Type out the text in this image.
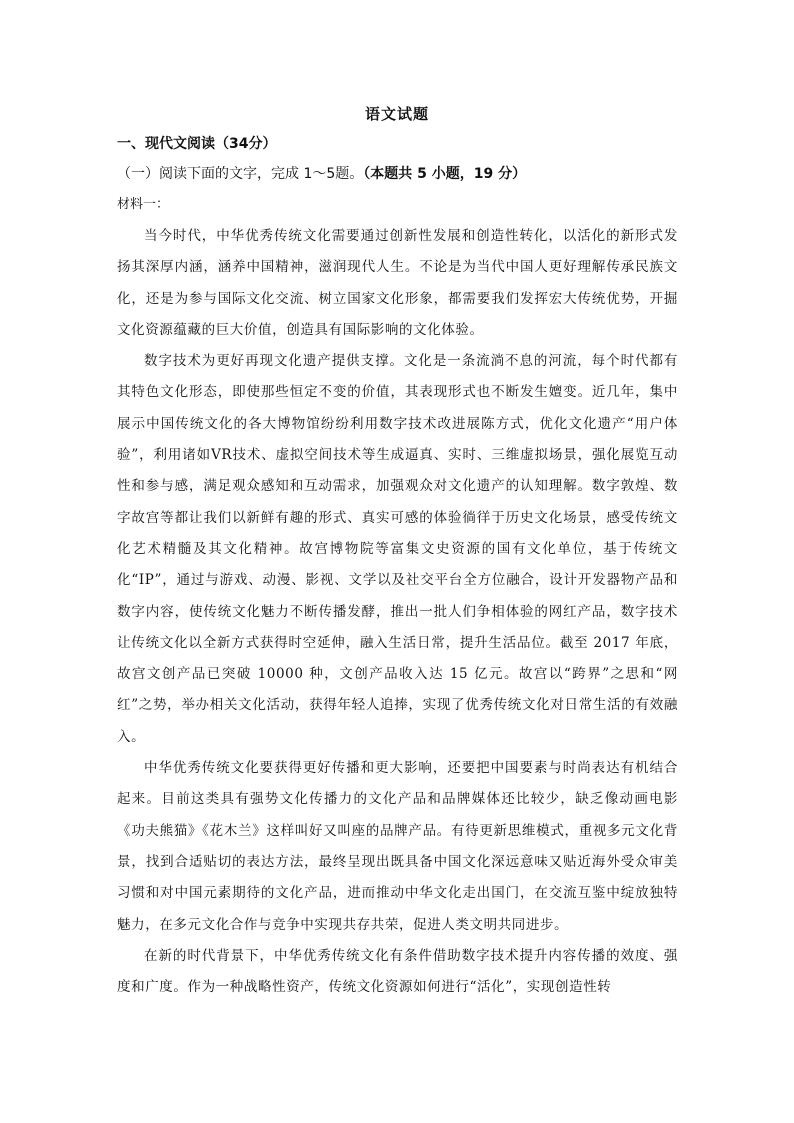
语文试题
一、现代文阅读（34分）
（一）阅读下面的文字，完成 1～5题。（本题共 5 小题，19 分）
材料一：

当今时代，中华优秀传统文化需要通过创新性发展和创造性转化，以活化的新形式发扬其深厚内涵，涵养中国精神，滋润现代人生。不论是为当代中国人更好理解传承民族文化，还是为参与国际文化交流、树立国家文化形象，都需要我们发挥宏大传统优势，开掘文化资源蕴藏的巨大价值，创造具有国际影响的文化体验。

数字技术为更好再现文化遗产提供支撑。文化是一条流淌不息的河流，每个时代都有其特色文化形态，即使那些恒定不变的价值，其表现形式也不断发生嬗变。近几年，集中展示中国传统文化的各大博物馆纷纷利用数字技术改进展陈方式，优化文化遗产“用户体验”，利用诸如VR技术、虚拟空间技术等生成逼真、实时、三维虚拟场景，强化展览互动性和参与感，满足观众感知和互动需求，加强观众对文化遗产的认知理解。数字敦煌、数字故宫等都让我们以新鲜有趣的形式、真实可感的体验徜徉于历史文化场景，感受传统文化艺术精髓及其文化精神。故宫博物院等富集文史资源的国有文化单位，基于传统文化“IP”，通过与游戏、动漫、影视、文学以及社交平台全方位融合，设计开发器物产品和数字内容，使传统文化魅力不断传播发酵，推出一批人们争相体验的网红产品，数字技术让传统文化以全新方式获得时空延伸，融入生活日常，提升生活品位。截至 2017 年底，故宫文创产品已突破 10000 种，文创产品收入达 15 亿元。故宫以“跨界”之思和“网红”之势，举办相关文化活动，获得年轻人追捧，实现了优秀传统文化对日常生活的有效融入。

中华优秀传统文化要获得更好传播和更大影响，还要把中国要素与时尚表达有机结合起来。目前这类具有强势文化传播力的文化产品和品牌媒体还比较少，缺乏像动画电影《功夫熊猫》《花木兰》这样叫好又叫座的品牌产品。有待更新思维模式，重视多元文化背景，找到合适贴切的表达方法，最终呈现出既具备中国文化深远意味又贴近海外受众审美习惯和对中国元素期待的文化产品，进而推动中华文化走出国门，在交流互鉴中绽放独特魅力，在多元文化合作与竞争中实现共存共荣，促进人类文明共同进步。

在新的时代背景下，中华优秀传统文化有条件借助数字技术提升内容传播的效度、强度和广度。作为一种战略性资产，传统文化资源如何进行“活化”，实现创造性转
